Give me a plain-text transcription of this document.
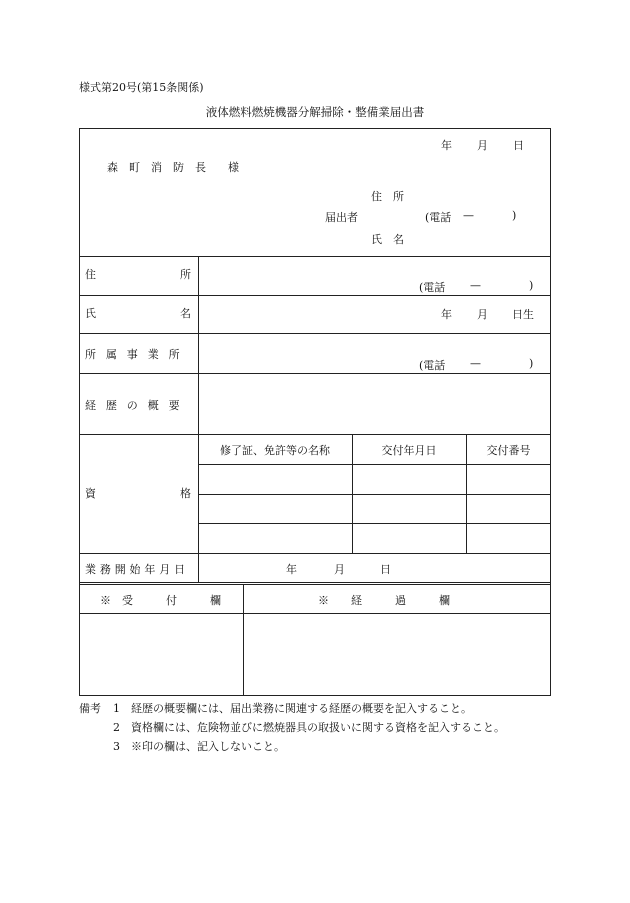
様式第20号(第15条関係)
液体燃料燃焼機器分解掃除・整備業届出書
年 月 日
森　町　消　防　長　　様
住　所
届出者	(電話 —	)
氏　名
住	所
(電話 —	)
氏	名	年 月 日生
所属事業所
(電話 —	)
経歴の概要
資	格
修了証、免許等の名称	交付年月日	交付番号
業務開始年月日	年	月	日
※　受　　　付　　　欄	※　　経　　　過　　　欄
備考 1 経歴の概要欄には、届出業務に関連する経歴の概要を記入すること。
2 資格欄には、危険物並びに燃焼器具の取扱いに関する資格を記入すること。
3 ※印の欄は、記入しないこと。
